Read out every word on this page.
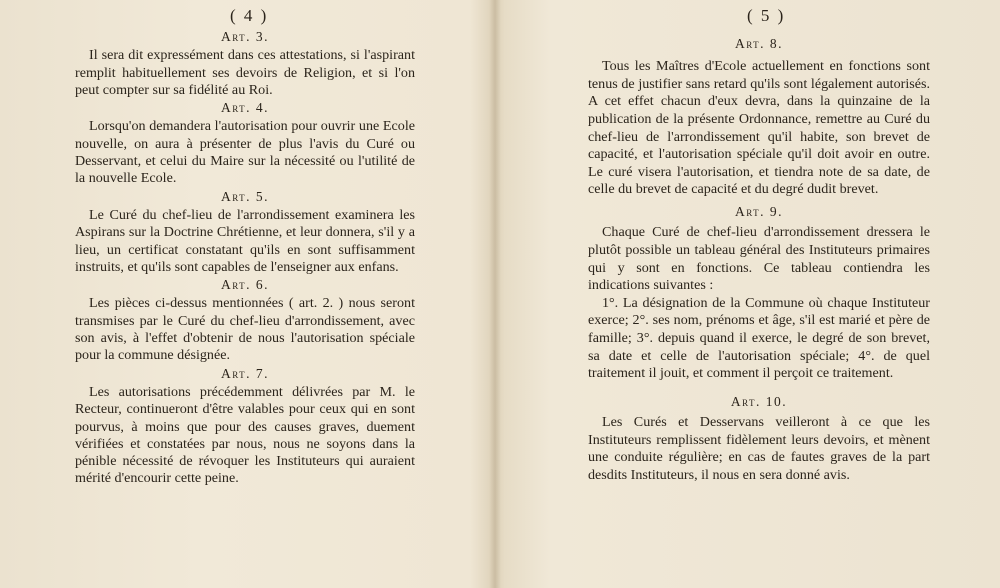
( 4 )

Art. 3.

Il sera dit expressément dans ces attestations, si l'aspirant remplit habituellement ses devoirs de Religion, et si l'on peut compter sur sa fidélité au Roi.

Art. 4.

Lorsqu'on demandera l'autorisation pour ouvrir une Ecole nouvelle, on aura à présenter de plus l'avis du Curé ou Desservant, et celui du Maire sur la nécessité ou l'utilité de la nouvelle Ecole.

Art. 5.

Le Curé du chef-lieu de l'arrondissement examinera les Aspirans sur la Doctrine Chrétienne, et leur donnera, s'il y a lieu, un certificat constatant qu'ils en sont suffisamment instruits, et qu'ils sont capables de l'enseigner aux enfans.

Art. 6.

Les pièces ci-dessus mentionnées ( art. 2. ) nous seront transmises par le Curé du chef-lieu d'arrondissement, avec son avis, à l'effet d'obtenir de nous l'autorisation spéciale pour la commune désignée.

Art. 7.

Les autorisations précédemment délivrées par M. le Recteur, continueront d'être valables pour ceux qui en sont pourvus, à moins que pour des causes graves, duement vérifiées et constatées par nous, nous ne soyons dans la pénible nécessité de révoquer les Instituteurs qui auraient mérité d'encourir cette peine.

( 5 )

Art. 8.

Tous les Maîtres d'Ecole actuellement en fonctions sont tenus de justifier sans retard qu'ils sont légalement autorisés. A cet effet chacun d'eux devra, dans la quinzaine de la publication de la présente Ordonnance, remettre au Curé du chef-lieu de l'arrondissement qu'il habite, son brevet de capacité, et l'autorisation spéciale qu'il doit avoir en outre. Le curé visera l'autorisation, et tiendra note de sa date, de celle du brevet de capacité et du degré dudit brevet.

Art. 9.

Chaque Curé de chef-lieu d'arrondissement dressera le plutôt possible un tableau général des Instituteurs primaires qui y sont en fonctions. Ce tableau contiendra les indications suivantes :

1°. La désignation de la Commune où chaque Instituteur exerce; 2°. ses nom, prénoms et âge, s'il est marié et père de famille; 3°. depuis quand il exerce, le degré de son brevet, sa date et celle de l'autorisation spéciale; 4°. de quel traitement il jouit, et comment il perçoit ce traitement.

Art. 10.

Les Curés et Desservans veilleront à ce que les Instituteurs remplissent fidèlement leurs devoirs, et mènent une conduite régulière; en cas de fautes graves de la part desdits Instituteurs, il nous en sera donné avis.
